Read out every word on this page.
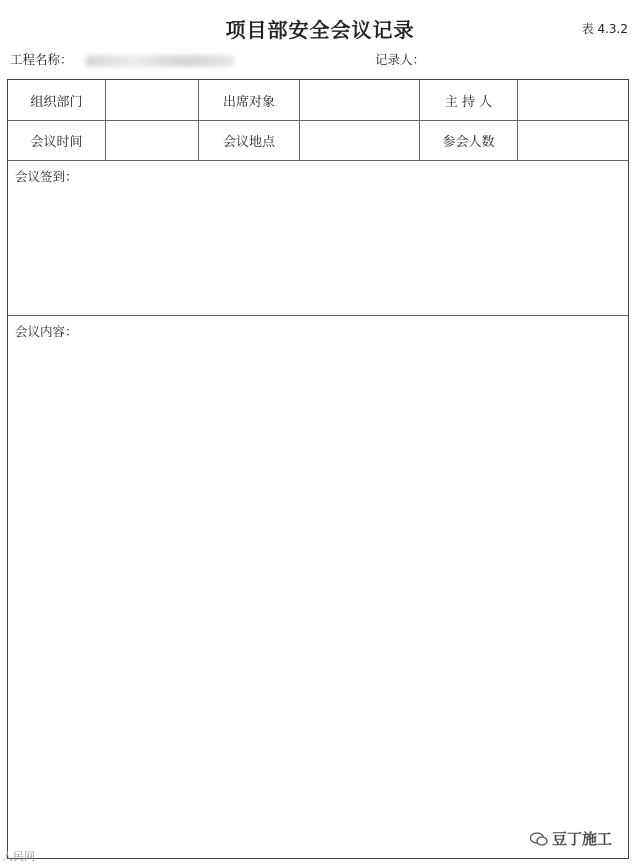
项目部安全会议记录	表 4.3.2
工程名称：	记录人：
组织部门	出席对象	主 持 人
会议时间	会议地点	参会人数
会议签到：
会议内容：
豆丁施工
人民网
